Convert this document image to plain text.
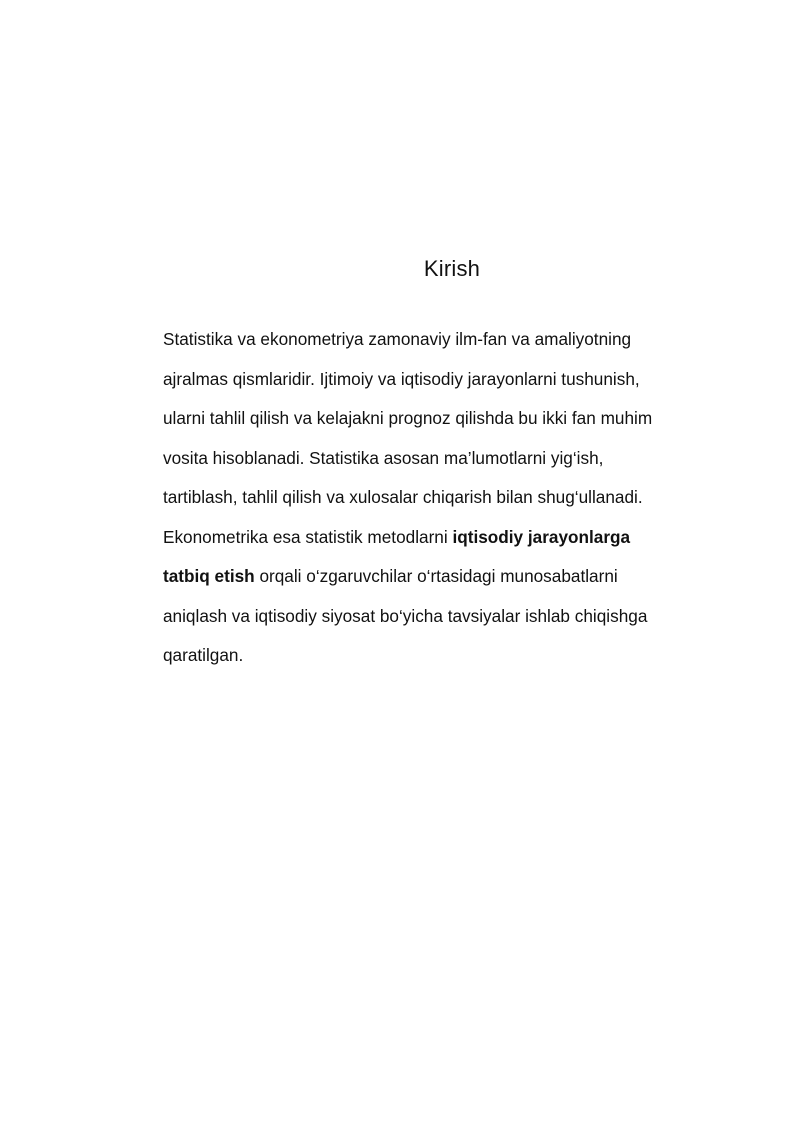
Kirish
Statistika va ekonometriya zamonaviy ilm-fan va amaliyotning
ajralmas qismlaridir. Ijtimoiy va iqtisodiy jarayonlarni tushunish,
ularni tahlil qilish va kelajakni prognoz qilishda bu ikki fan muhim
vosita hisoblanadi. Statistika asosan ma’lumotlarni yig‘ish,
tartiblash, tahlil qilish va xulosalar chiqarish bilan shug‘ullanadi.
Ekonometrika esa statistik metodlarni iqtisodiy jarayonlarga
tatbiq etish orqali o‘zgaruvchilar o‘rtasidagi munosabatlarni
aniqlash va iqtisodiy siyosat bo‘yicha tavsiyalar ishlab chiqishga
qaratilgan.
